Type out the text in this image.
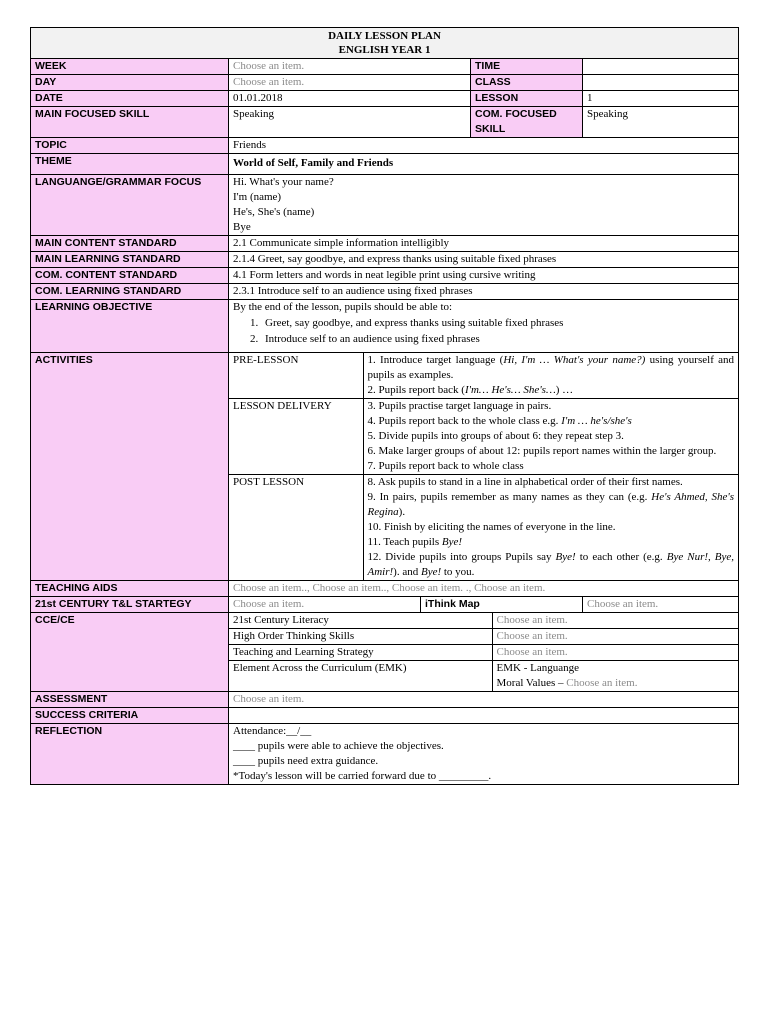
DAILY LESSON PLAN
ENGLISH YEAR 1

WEEK	Choose an item.	TIME	
DAY	Choose an item.	CLASS	
DATE	01.01.2018	LESSON	1
MAIN FOCUSED SKILL	Speaking	COM. FOCUSED SKILL	Speaking
TOPIC	Friends
THEME	World of Self, Family and Friends
LANGUANGE/GRAMMAR FOCUS	Hi. What's your name?
I'm (name)
He's, She's (name)
Bye

MAIN CONTENT STANDARD	2.1 Communicate simple information intelligibly
MAIN LEARNING STANDARD	2.1.4 Greet, say goodbye, and express thanks using suitable fixed phrases
COM. CONTENT STANDARD	4.1 Form letters and words in neat legible print using cursive writing
COM. LEARNING STANDARD	2.3.1 Introduce self to an audience using fixed phrases
LEARNING OBJECTIVE	By the end of the lesson, pupils should be able to:
1. Greet, say goodbye, and express thanks using suitable fixed phrases
2. Introduce self to an audience using fixed phrases

ACTIVITIES		PRE-LESSON	1. Introduce target language (Hi, I'm … What's your name?) using yourself and pupils as examples.
2. Pupils report back (I'm… He's… She's…) …

LESSON DELIVERY	3. Pupils practise target language in pairs.
4. Pupils report back to the whole class e.g. I'm … he's/she's
5. Divide pupils into groups of about 6: they repeat step 3.
6. Make larger groups of about 12: pupils report names within the larger group.
7. Pupils report back to whole class

POST LESSON	8. Ask pupils to stand in a line in alphabetical order of their first names.
9. In pairs, pupils remember as many names as they can (e.g. He's Ahmed, She's Regina).
10. Finish by eliciting the names of everyone in the line.
11. Teach pupils Bye!
12. Divide pupils into groups Pupils say Bye! to each other (e.g. Bye Nur!, Bye, Amir!). and Bye! to you.

TEACHING AIDS	Choose an item.., Choose an item.., Choose an item. ., Choose an item.
21st CENTURY T&L STARTEGY	Choose an item.	iThink Map	Choose an item.
CCE/CE		21st Century Literacy	Choose an item.
High Order Thinking Skills	Choose an item.
Teaching and Learning Strategy	Choose an item.
Element Across the Curriculum (EMK)	EMK - Languange
Moral Values – Choose an item.

ASSESSMENT	Choose an item.
SUCCESS CRITERIA	
REFLECTION	Attendance:__/__
____ pupils were able to achieve the objectives.
____ pupils need extra guidance.
*Today's lesson will be carried forward due to _________.
